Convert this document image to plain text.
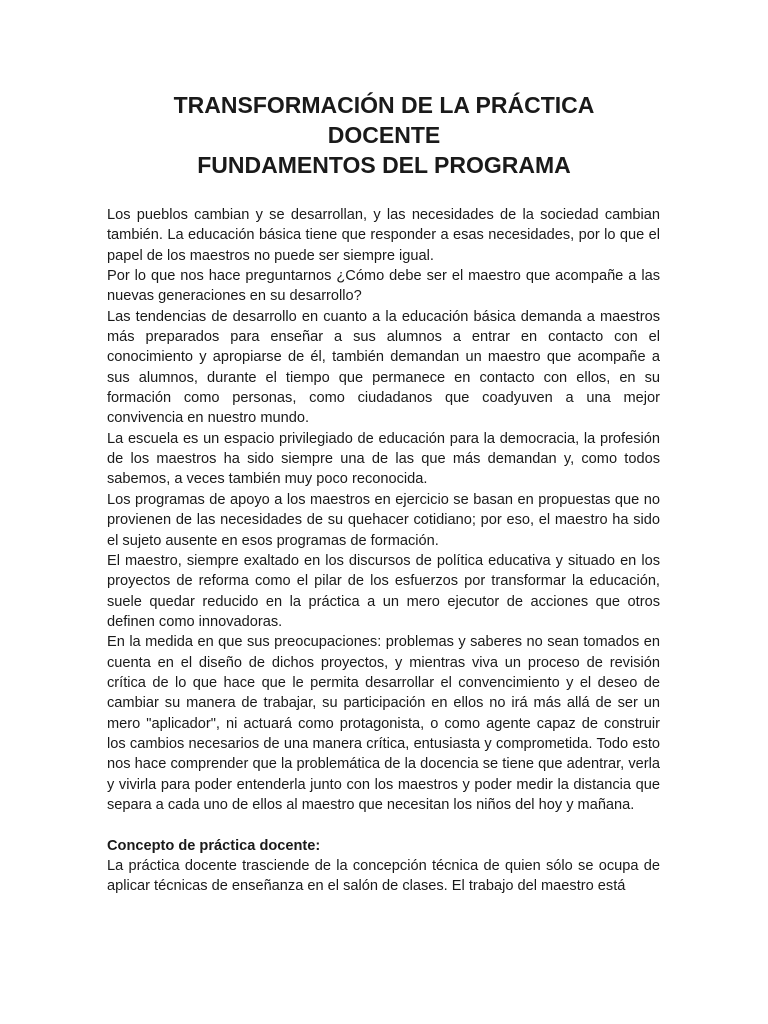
TRANSFORMACIÓN DE LA PRÁCTICA
DOCENTE
FUNDAMENTOS DEL PROGRAMA

Los pueblos cambian y se desarrollan, y las necesidades de la sociedad cambian también. La educación básica tiene que responder a esas necesidades, por lo que el papel de los maestros no puede ser siempre igual.

Por lo que nos hace preguntarnos ¿Cómo debe ser el maestro que acompañe a las nuevas generaciones en su desarrollo?

Las tendencias de desarrollo en cuanto a la educación básica demanda a maestros más preparados para enseñar a sus alumnos a entrar en contacto con el conocimiento y apropiarse de él, también demandan un maestro que acompañe a sus alumnos, durante el tiempo que permanece en contacto con ellos, en su formación como personas, como ciudadanos que coadyuven a una mejor convivencia en nuestro mundo.

La escuela es un espacio privilegiado de educación para la democracia, la profesión de los maestros ha sido siempre una de las que más demandan y, como todos sabemos, a veces también muy poco reconocida.

Los programas de apoyo a los maestros en ejercicio se basan en propuestas que no provienen de las necesidades de su quehacer cotidiano; por eso, el maestro ha sido el sujeto ausente en esos programas de formación.

El maestro, siempre exaltado en los discursos de política educativa y situado en los proyectos de reforma como el pilar de los esfuerzos por transformar la educación, suele quedar reducido en la práctica a un mero ejecutor de acciones que otros definen como innovadoras.

En la medida en que sus preocupaciones: problemas y saberes no sean tomados en cuenta en el diseño de dichos proyectos, y mientras viva un proceso de revisión crítica de lo que hace que le permita desarrollar el convencimiento y el deseo de cambiar su manera de trabajar, su participación en ellos no irá más allá de ser un mero "aplicador", ni actuará como protagonista, o como agente capaz de construir los cambios necesarios de una manera crítica, entusiasta y comprometida. Todo esto nos hace comprender que la problemática de la docencia se tiene que adentrar, verla y vivirla para poder entenderla junto con los maestros y poder medir la distancia que separa a cada uno de ellos al maestro que necesitan los niños del hoy y mañana.

Concepto de práctica docente:

La práctica docente trasciende de la concepción técnica de quien sólo se ocupa de aplicar técnicas de enseñanza en el salón de clases. El trabajo del maestro está
